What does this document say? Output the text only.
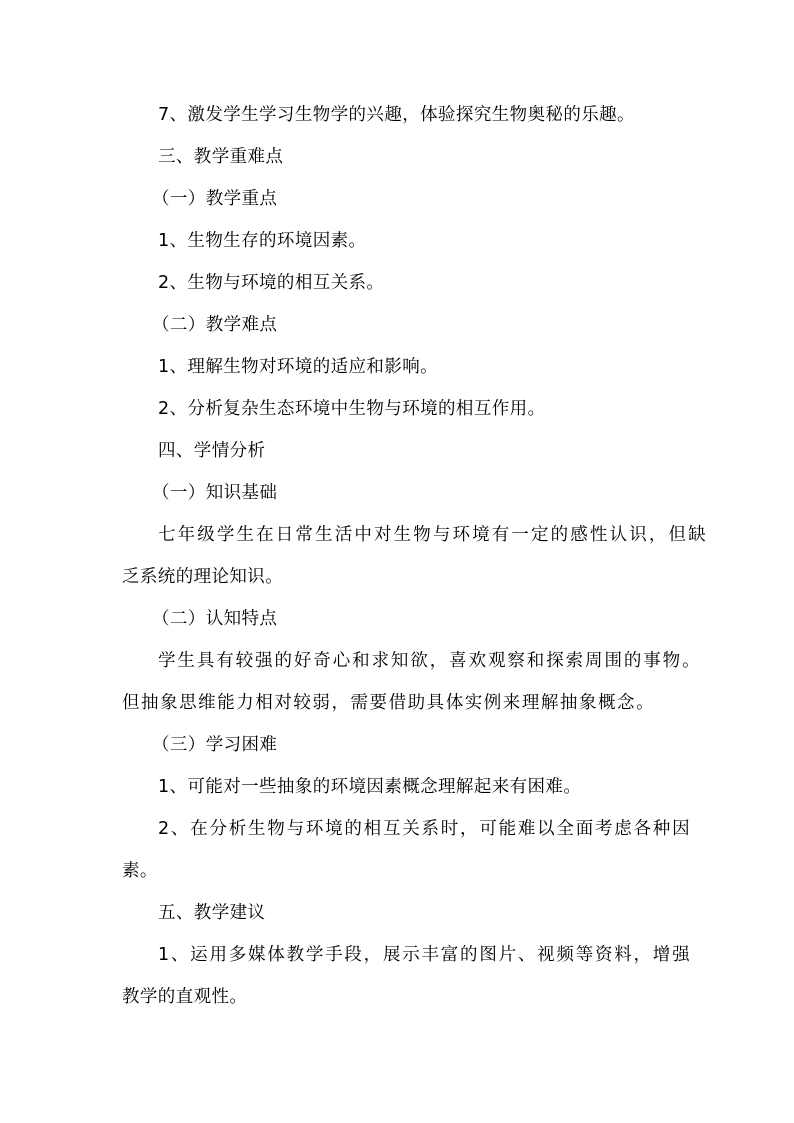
7、激发学生学习生物学的兴趣，体验探究生物奥秘的乐趣。
三、教学重难点
（一）教学重点
1、生物生存的环境因素。
2、生物与环境的相互关系。
（二）教学难点
1、理解生物对环境的适应和影响。
2、分析复杂生态环境中生物与环境的相互作用。
四、学情分析
（一）知识基础
七年级学生在日常生活中对生物与环境有一定的感性认识，但缺
乏系统的理论知识。
（二）认知特点
学生具有较强的好奇心和求知欲，喜欢观察和探索周围的事物。
但抽象思维能力相对较弱，需要借助具体实例来理解抽象概念。
（三）学习困难
1、可能对一些抽象的环境因素概念理解起来有困难。
2、在分析生物与环境的相互关系时，可能难以全面考虑各种因
素。
五、教学建议
1、运用多媒体教学手段，展示丰富的图片、视频等资料，增强
教学的直观性。
